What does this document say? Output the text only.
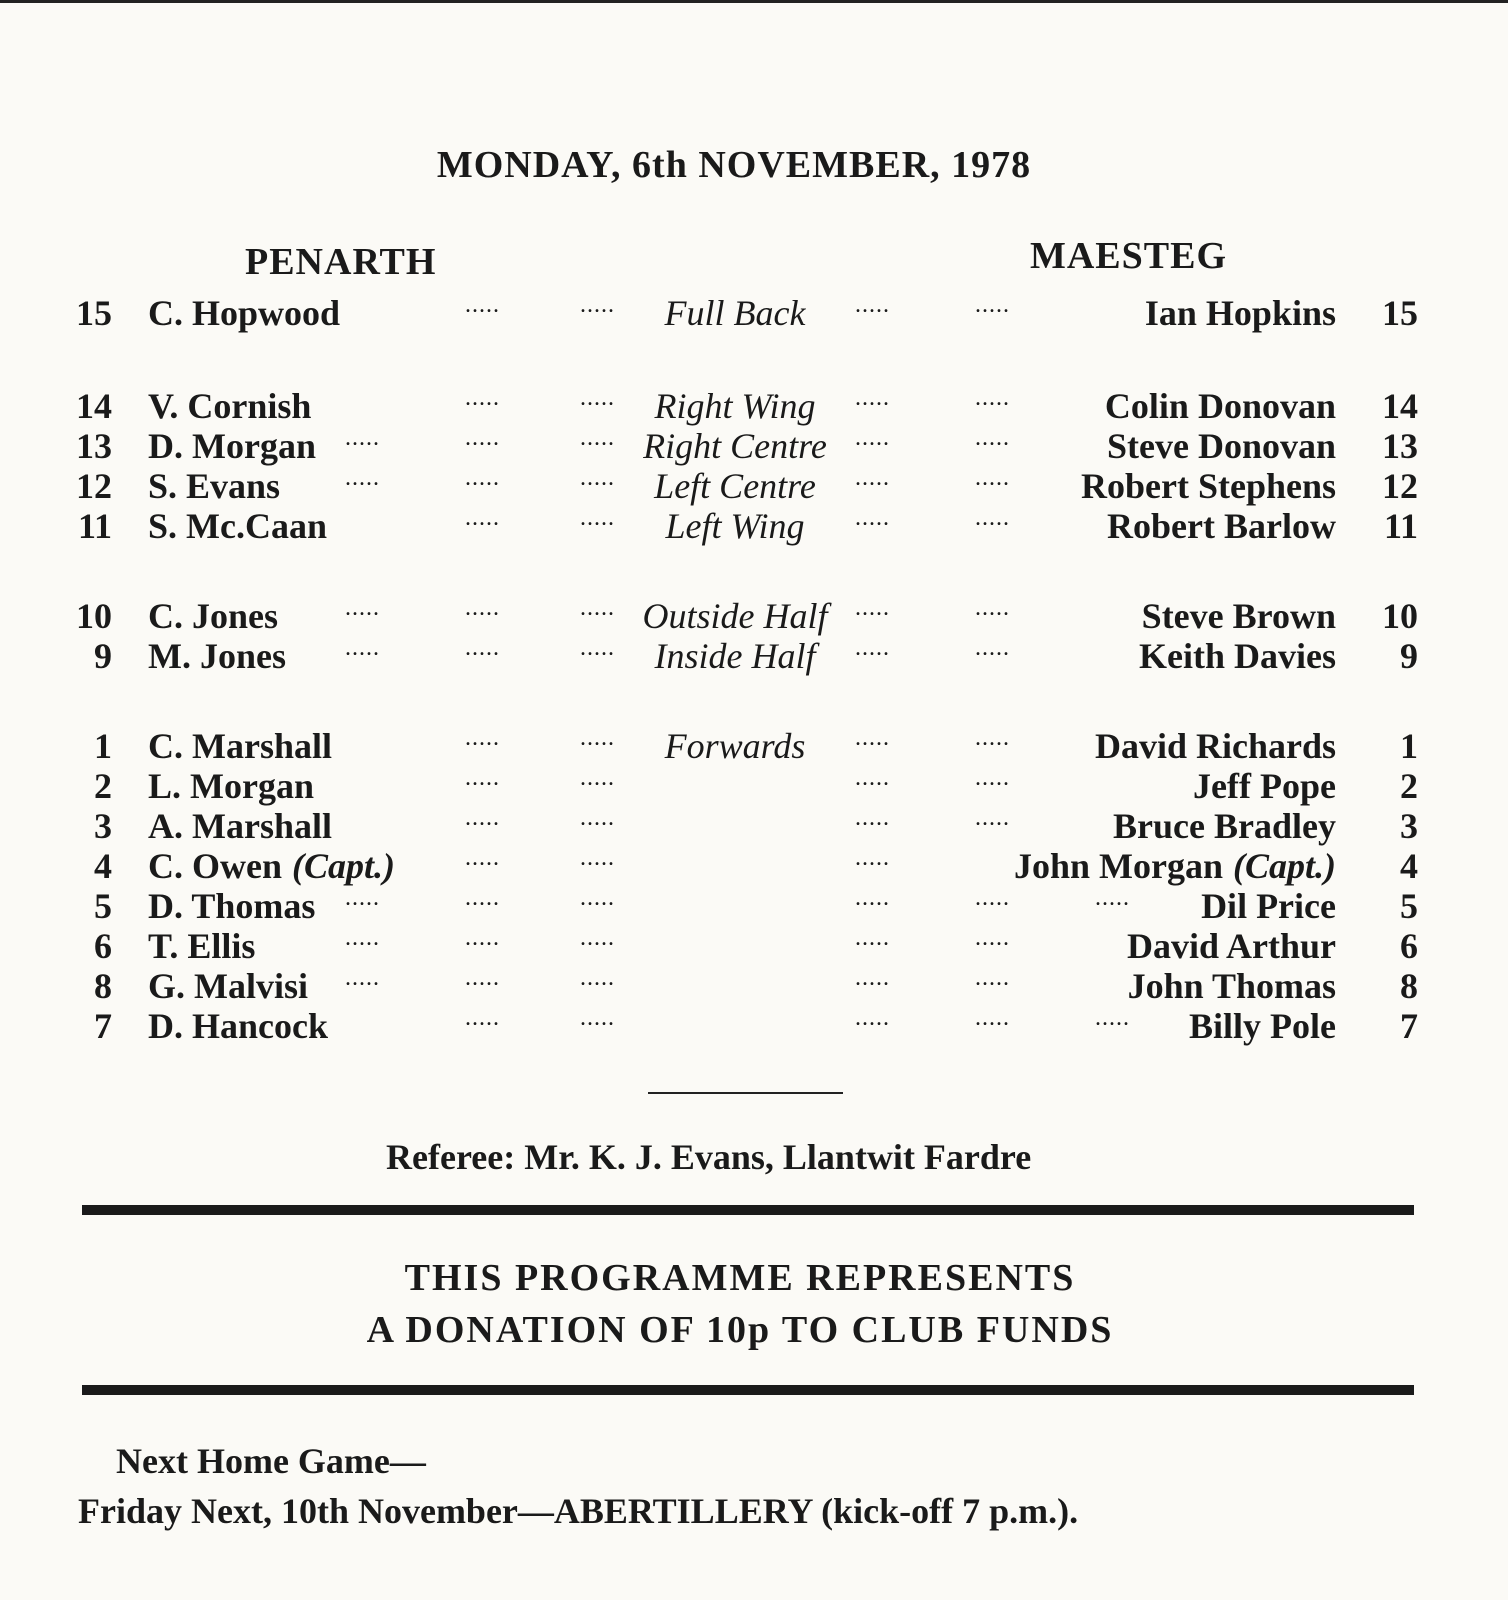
MONDAY, 6th NOVEMBER, 1978
PENARTH	MAESTEG
15 C. Hopwood	.....	.....	Full Back	.....	.....	Ian Hopkins	15
14 V. Cornish	.....	.....	Right Wing	.....	.....	Colin Donovan	14
13 D. Morgan .....	.....	..... Right Centre	.....	.....	Steve Donovan	13
12 S. Evans	.....	.....	.....	Left Centre	.....	..... Robert Stephens	12
11 S. Mc.Caan	.....	.....	Left Wing	.....	.....	Robert Barlow	11
10 C. Jones	.....	.....	..... Outside Half	.....	.....	Steve Brown	10
9 M. Jones .....	.....	.....	Inside Half	.....	.....	Keith Davies	9
1 C. Marshall	.....	.....	Forwards	.....	..... David Richards	1
2 L. Morgan	.....	.....	.....	.....	Jeff Pope	2
3 A. Marshall	.....	.....	.....	.....	Bruce Bradley	3
4 C. Owen (Capt.)	.....	.....	.....	John Morgan (Capt.)	4
5 D. Thomas .....	.....	.....	.....	.....	..... Dil Price	5
6 T. Ellis	.....	.....	.....	.....	.....	David Arthur	6
8 G. Malvisi .....	.....	.....	.....	.....	John Thomas	8
7 D. Hancock	.....	.....	.....	.....	..... Billy Pole	7
Referee: Mr. K. J. Evans, Llantwit Fardre
THIS PROGRAMME REPRESENTS
A DONATION OF 10p TO CLUB FUNDS
Next Home Game—
Friday Next, 10th November—ABERTILLERY (kick-off 7 p.m.).
